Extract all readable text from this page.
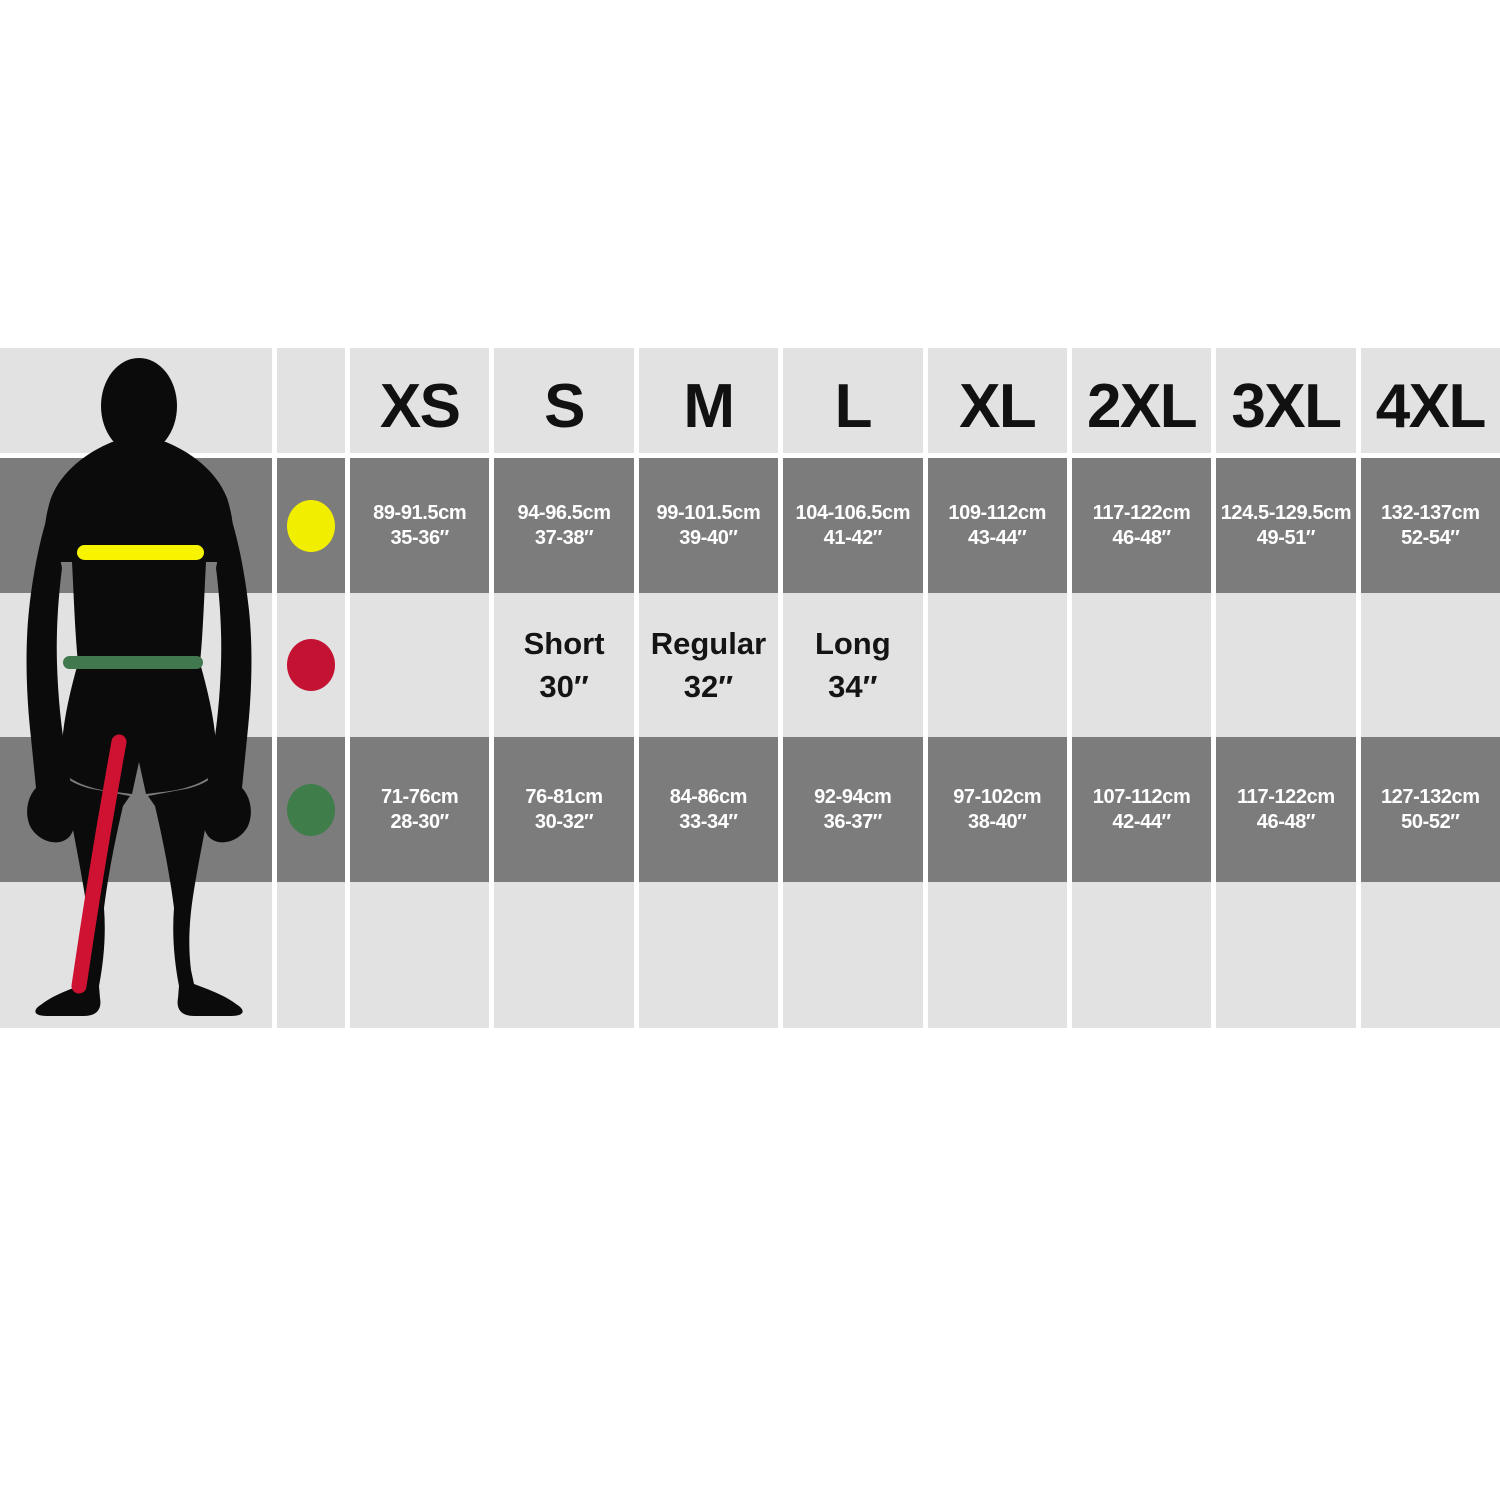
XS
89-91.5cm
35-36″
71-76cm
28-30″
S
94-96.5cm
37-38″
Short
30″
76-81cm
30-32″
M
99-101.5cm
39-40″
Regular
32″
84-86cm
33-34″
L
104-106.5cm
41-42″
Long
34″
92-94cm
36-37″
XL
109-112cm
43-44″
97-102cm
38-40″
2XL
117-122cm
46-48″
107-112cm
42-44″
3XL
124.5-129.5cm
49-51″
117-122cm
46-48″
4XL
132-137cm
52-54″
127-132cm
50-52″
